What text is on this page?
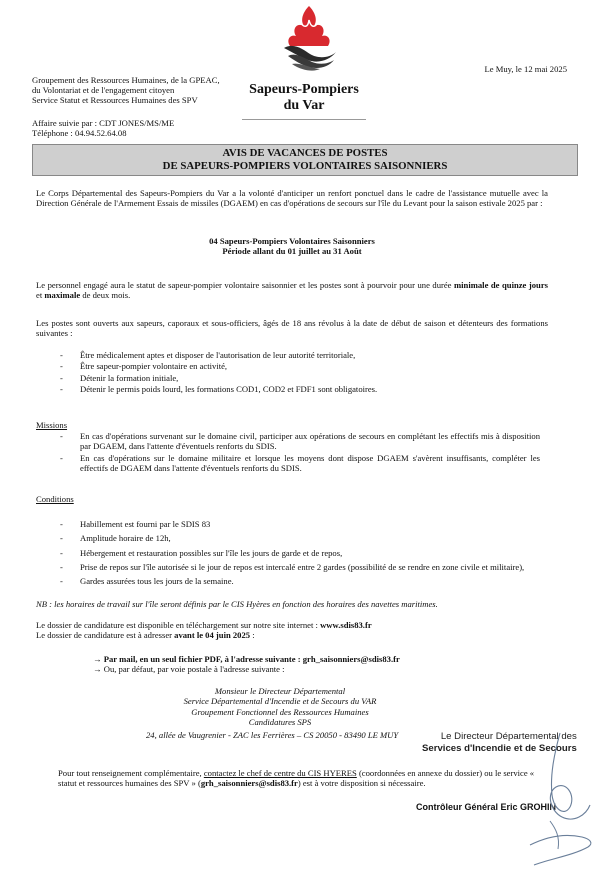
Le Muy, le 12 mai 2025
Groupement des Ressources Humaines, de la GPEAC,
du Volontariat et de l'engagement citoyen
Service Statut et Ressources Humaines des SPV
Sapeurs-Pompiers
du Var
Affaire suivie par : CDT JONES/MS/ME
Téléphone : 04.94.52.64.08
AVIS DE VACANCES DE POSTES
DE SAPEURS-POMPIERS VOLONTAIRES SAISONNIERS
Le Corps Départemental des Sapeurs-Pompiers du Var a la volonté d'anticiper un renfort ponctuel dans le cadre de l'assistance mutuelle avec la Direction Générale de l'Armement Essais de missiles (DGAEM) en cas d'opérations de secours sur l'île du Levant pour la saison estivale 2025 par :
04 Sapeurs-Pompiers Volontaires Saisonniers
Période allant du 01 juillet au 31 Août
Le personnel engagé aura le statut de sapeur-pompier volontaire saisonnier et les postes sont à pourvoir pour une durée minimale de quinze jours et maximale de deux mois.
Les postes sont ouverts aux sapeurs, caporaux et sous-officiers, âgés de 18 ans révolus à la date de début de saison et détenteurs des formations suivantes :
- Être médicalement aptes et disposer de l'autorisation de leur autorité territoriale,
- Être sapeur-pompier volontaire en activité,
- Détenir la formation initiale,
- Détenir le permis poids lourd, les formations COD1, COD2 et FDF1 sont obligatoires.
Missions
- En cas d'opérations survenant sur le domaine civil, participer aux opérations de secours en complétant les effectifs mis à disposition par DGAEM, dans l'attente d'éventuels renforts du SDIS.
- En cas d'opérations sur le domaine militaire et lorsque les moyens dont dispose DGAEM s'avèrent insuffisants, compléter les effectifs de DGAEM dans l'attente d'éventuels renforts du SDIS.
Conditions
- Habillement est fourni par le SDIS 83
- Amplitude horaire de 12h,
- Hébergement et restauration possibles sur l'île les jours de garde et de repos,
- Prise de repos sur l'île autorisée si le jour de repos est intercalé entre 2 gardes (possibilité de se rendre en zone civile et militaire),
- Gardes assurées tous les jours de la semaine.
NB : les horaires de travail sur l'île seront définis par le CIS Hyères en fonction des horaires des navettes maritimes.
Le dossier de candidature est disponible en téléchargement sur notre site internet : www.sdis83.fr
Le dossier de candidature est à adresser avant le 04 juin 2025 :
→ Par mail, en un seul fichier PDF, à l'adresse suivante : grh_saisonniers@sdis83.fr
→ Ou, par défaut, par voie postale à l'adresse suivante :
Monsieur le Directeur Départemental
Service Départemental d'Incendie et de Secours du VAR
Groupement Fonctionnel des Ressources Humaines
Candidatures SPS
24, allée de Vaugrenier - ZAC les Ferrières – CS 20050 - 83490 LE MUY	Le Directeur Départemental des
Services d'Incendie et de Secours
Pour tout renseignement complémentaire, contactez le chef de centre du CIS HYERES (coordonnées en annexe du dossier) ou le service « statut et ressources humaines des SPV » (grh_saisonniers@sdis83.fr) est à votre disposition si nécessaire.
Contrôleur Général Eric GROHIN
